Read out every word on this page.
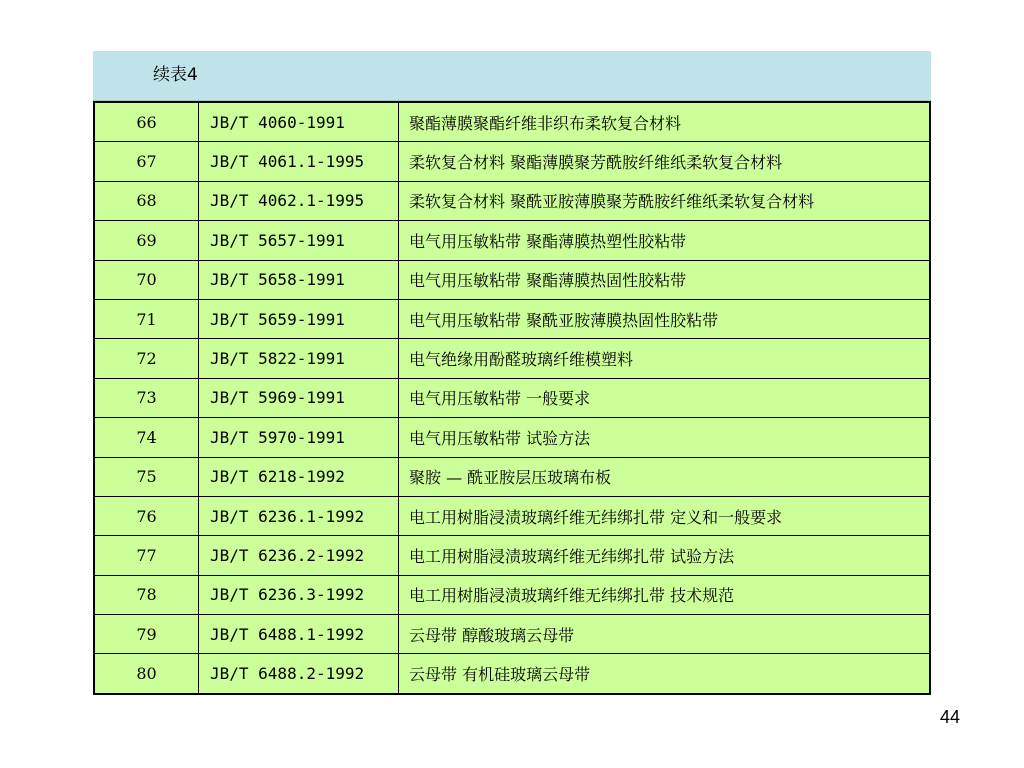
续表4
66	JB/T 4060-1991	聚酯薄膜聚酯纤维非织布柔软复合材料
67	JB/T 4061.1-1995	柔软复合材料 聚酯薄膜聚芳酰胺纤维纸柔软复合材料
68	JB/T 4062.1-1995	柔软复合材料 聚酰亚胺薄膜聚芳酰胺纤维纸柔软复合材料
69	JB/T 5657-1991	电气用压敏粘带 聚酯薄膜热塑性胶粘带
70	JB/T 5658-1991	电气用压敏粘带 聚酯薄膜热固性胶粘带
71	JB/T 5659-1991	电气用压敏粘带 聚酰亚胺薄膜热固性胶粘带
72	JB/T 5822-1991	电气绝缘用酚醛玻璃纤维模塑料
73	JB/T 5969-1991	电气用压敏粘带 一般要求
74	JB/T 5970-1991	电气用压敏粘带 试验方法
75	JB/T 6218-1992	聚胺 — 酰亚胺层压玻璃布板
76	JB/T 6236.1-1992	电工用树脂浸渍玻璃纤维无纬绑扎带 定义和一般要求
77	JB/T 6236.2-1992	电工用树脂浸渍玻璃纤维无纬绑扎带 试验方法
78	JB/T 6236.3-1992	电工用树脂浸渍玻璃纤维无纬绑扎带 技术规范
79	JB/T 6488.1-1992	云母带 醇酸玻璃云母带
80	JB/T 6488.2-1992	云母带 有机硅玻璃云母带
44
